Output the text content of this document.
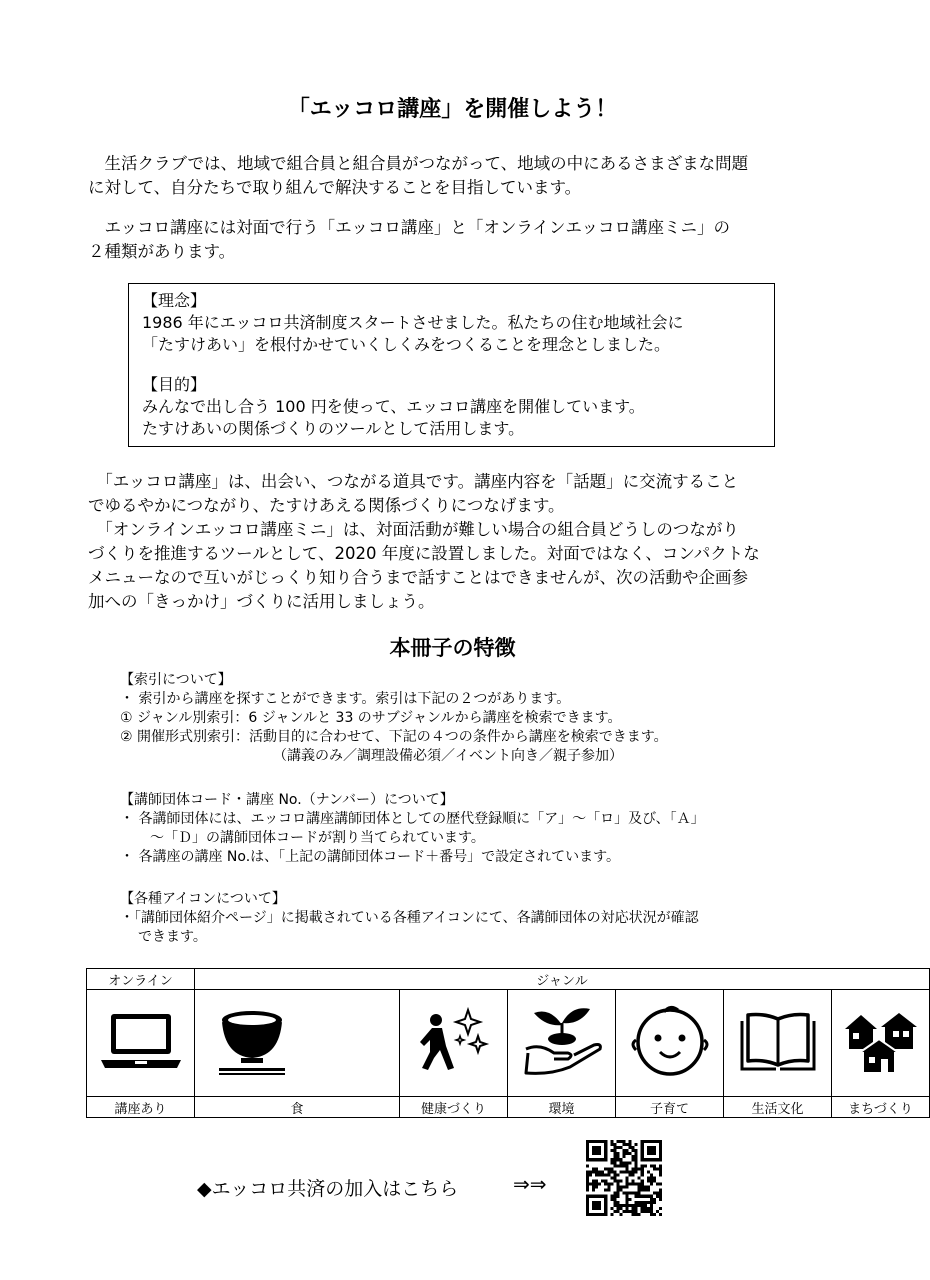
「エッコロ講座」を開催しよう！
　生活クラブでは、地域で組合員と組合員がつながって、地域の中にあるさまざまな問題
に対して、自分たちで取り組んで解決することを目指しています。
　エッコロ講座には対面で行う「エッコロ講座」と「オンラインエッコロ講座ミニ」の
２種類があります。
【理念】
1986 年にエッコロ共済制度スタートさせました。私たちの住む地域社会に
「たすけあい」を根付かせていくしくみをつくることを理念としました。
【目的】
みんなで出し合う 100 円を使って、エッコロ講座を開催しています。
たすけあいの関係づくりのツールとして活用します。
　「エッコロ講座」は、出会い、つながる道具です。講座内容を「話題」に交流すること
でゆるやかにつながり、たすけあえる関係づくりにつなげます。
　「オンラインエッコロ講座ミニ」は、対面活動が難しい場合の組合員どうしのつながり
づくりを推進するツールとして、2020 年度に設置しました。対面ではなく、コンパクトな
メニューなので互いがじっくり知り合うまで話すことはできませんが、次の活動や企画参
加への「きっかけ」づくりに活用しましょう。
本冊子の特徴
【索引について】
・ 索引から講座を探すことができます。索引は下記の２つがあります。
① ジャンル別索引：6 ジャンルと 33 のサブジャンルから講座を検索できます。
② 開催形式別索引：活動目的に合わせて、下記の４つの条件から講座を検索できます。
（講義のみ／調理設備必須／イベント向き／親子参加）
【講師団体コード・講座 No.（ナンバー）について】
・ 各講師団体には、エッコロ講座講師団体としての歴代登録順に「ア」～「ロ」及び、「Ａ」
～「Ｄ」の講師団体コードが割り当てられています。
・ 各講座の講座 No.は、「上記の講師団体コード＋番号」で設定されています。
【各種アイコンについて】
・「講師団体紹介ページ」に掲載されている各種アイコンにて、各講師団体の対応状況が確認
できます。
オンライン	ジャンル					

講座あり	食	健康づくり	環境	子育て	生活文化	まちづくり
◆エッコロ共済の加入はこちら	⇒⇒
